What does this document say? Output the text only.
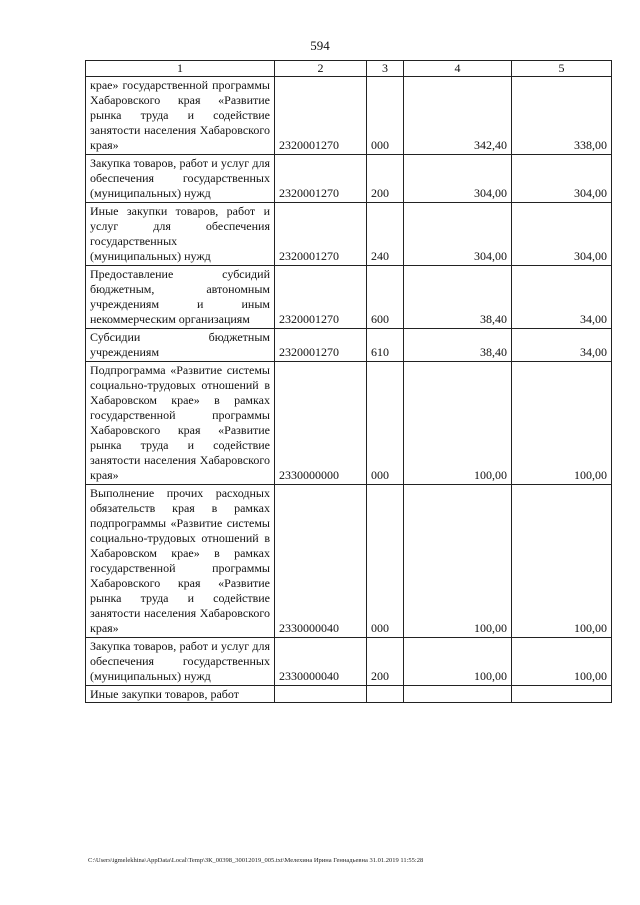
594
1	2	3	4	5
крае» государственной программы Хабаровского края «Развитие рынка труда и содействие занятости населения Хабаровского края»	2320001270	000	342,40	338,00
Закупка товаров, работ и услуг для обеспечения государственных (муниципальных) нужд	2320001270	200	304,00	304,00
Иные закупки товаров, работ и услуг для обеспечения государственных (муниципальных) нужд	2320001270	240	304,00	304,00
Предоставление субсидий бюджетным, автономным учреждениям и иным некоммерческим организациям	2320001270	600	38,40	34,00
Субсидии бюджетным учреждениям	2320001270	610	38,40	34,00
Подпрограмма «Развитие системы социально-трудовых отношений в Хабаровском крае» в рамках государственной программы Хабаровского края «Развитие рынка труда и содействие занятости населения Хабаровского края»	2330000000	000	100,00	100,00
Выполнение прочих расходных обязательств края в рамках подпрограммы «Развитие системы социально-трудовых отношений в Хабаровском крае» в рамках государственной программы Хабаровского края «Развитие рынка труда и содействие занятости населения Хабаровского края»	2330000040	000	100,00	100,00
Закупка товаров, работ и услуг для обеспечения государственных (муниципальных) нужд	2330000040	200	100,00	100,00
Иные закупки товаров, работ				
C:\Users\igmelekhina\AppData\Local\Temp\ЗК_00398_30012019_005.txt\Мелехина Ирина Геннадьевна 31.01.2019 11:55:28
